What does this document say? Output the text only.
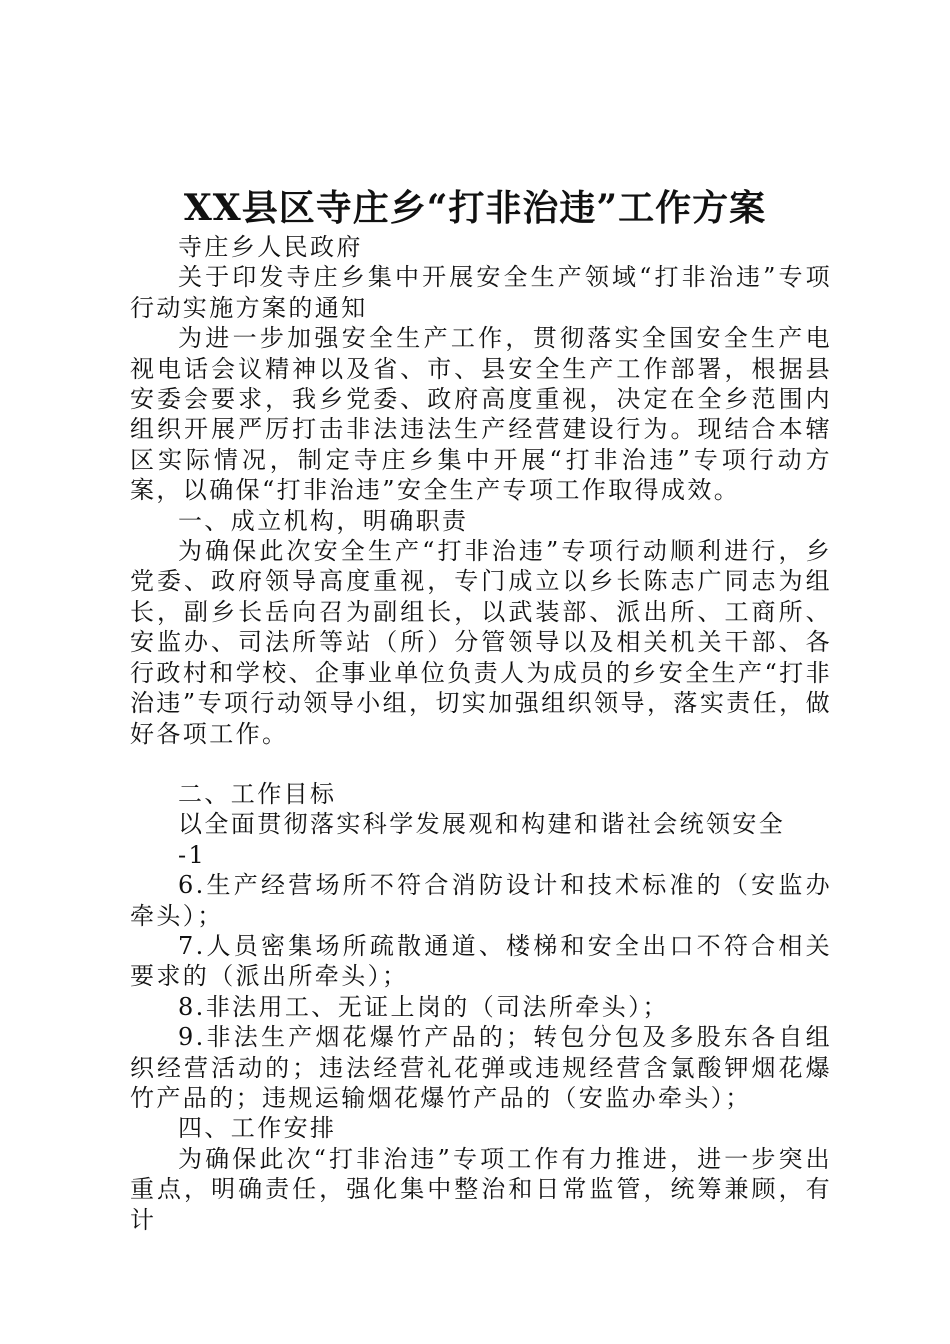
XX县区寺庄乡“打非治违”工作方案

寺庄乡人民政府

关于印发寺庄乡集中开展安全生产领域“打非治违”专项行动实施方案的通知

为进一步加强安全生产工作，贯彻落实全国安全生产电视电话会议精神以及省、市、县安全生产工作部署，根据县安委会要求，我乡党委、政府高度重视，决定在全乡范围内组织开展严厉打击非法违法生产经营建设行为。现结合本辖区实际情况，制定寺庄乡集中开展“打非治违”专项行动方案，以确保“打非治违”安全生产专项工作取得成效。

一、成立机构，明确职责

为确保此次安全生产“打非治违”专项行动顺利进行，乡党委、政府领导高度重视，专门成立以乡长陈志广同志为组长，副乡长岳向召为副组长，以武装部、派出所、工商所、安监办、司法所等站（所）分管领导以及相关机关干部、各行政村和学校、企事业单位负责人为成员的乡安全生产“打非治违”专项行动领导小组，切实加强组织领导，落实责任，做好各项工作。

二、工作目标

以全面贯彻落实科学发展观和构建和谐社会统领安全

-1

6.生产经营场所不符合消防设计和技术标准的（安监办牵头）；

7.人员密集场所疏散通道、楼梯和安全出口不符合相关要求的（派出所牵头）；

8.非法用工、无证上岗的（司法所牵头）；

9.非法生产烟花爆竹产品的；转包分包及多股东各自组织经营活动的；违法经营礼花弹或违规经营含氯酸钾烟花爆竹产品的；违规运输烟花爆竹产品的（安监办牵头）；

四、工作安排

为确保此次“打非治违”专项工作有力推进，进一步突出重点，明确责任，强化集中整治和日常监管，统筹兼顾，有计
